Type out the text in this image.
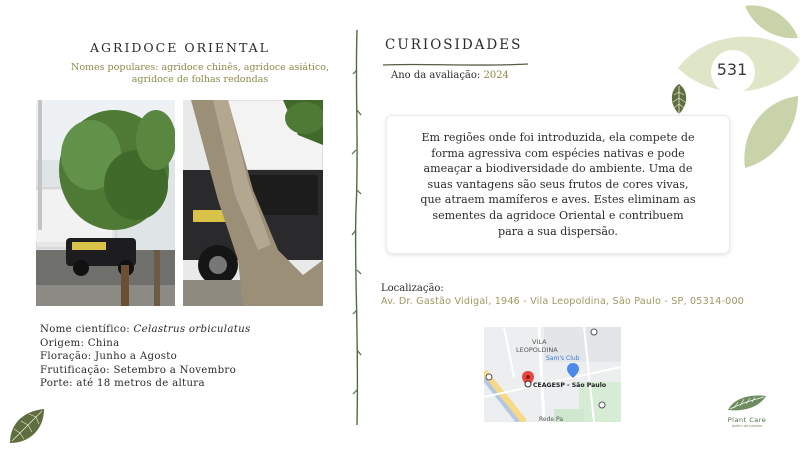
AGRIDOCE ORIENTAL
Nomes populares: agridoce chinês, agridoce asiático,
agridoce de folhas redondas
Nome científico: Celastrus orbiculatus
Origem: China
Floração: Junho a Agosto
Frutificação: Setembro a Novembro
Porte: até 18 metros de altura
CURIOSIDADES
Ano da avaliação: 2024

Em regiões onde foi introduzida, ela compete de
forma agressiva com espécies nativas e pode
ameaçar a biodiversidade do ambiente. Uma de
suas vantagens são seus frutos de cores vivas,
que atraem mamíferos e aves. Estes eliminam as
sementes da agridoce Oriental e contribuem
para a sua dispersão.

Localização:
Av. Dr. Gastão Vidigal, 1946 - Vila Leopoldina, São Paulo - SP, 05314-000
VILA
LEOPOLDINA
Sam's Club
CEAGESP - São Paulo
Rede Pa
531
Plant Care
jardim de plantas
